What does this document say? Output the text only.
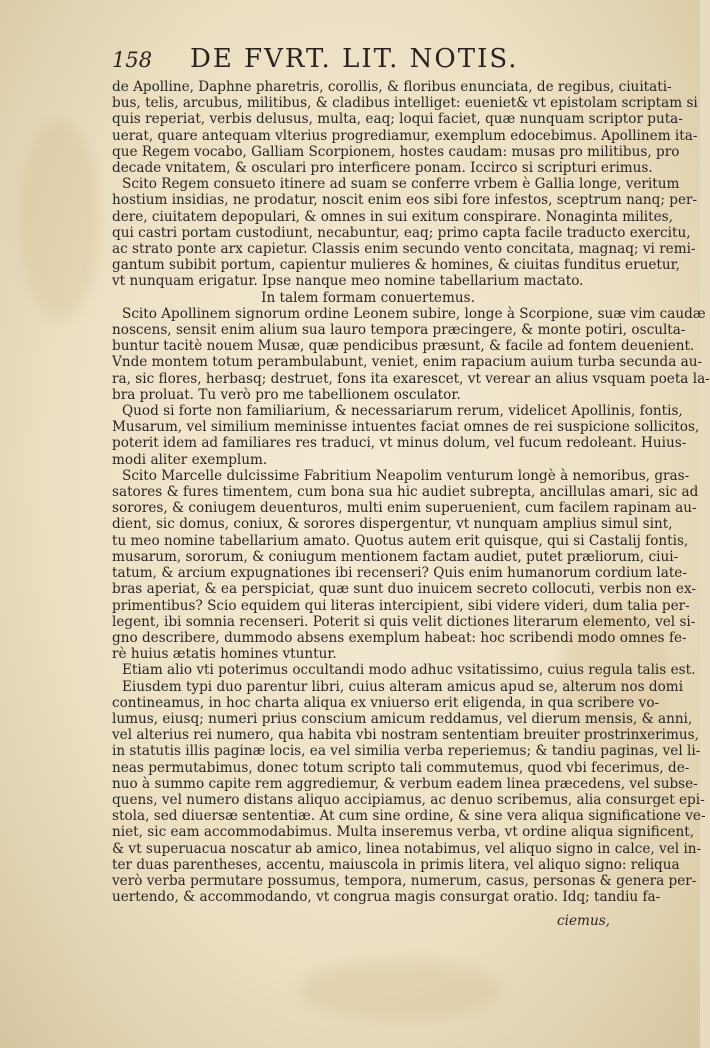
158 DE FVRT. LIT. NOTIS.
de Apolline, Daphne pharetris, corollis, & floribus enunciata, de regibus, ciuitati-
bus, telis, arcubus, militibus, & cladibus intelliget: eueniet& vt epistolam scriptam si
quis reperiat, verbis delusus, multa, eaq; loqui faciet, quæ nunquam scriptor puta-
uerat, quare antequam vlterius progrediamur, exemplum edocebimus. Apollinem ita-
que Regem vocabo, Galliam Scorpionem, hostes caudam: musas pro militibus, pro
decade vnitatem, & osculari pro interficere ponam. Iccirco si scripturi erimus.
Scito Regem consueto itinere ad suam se conferre vrbem è Gallia longe, veritum
hostium insidias, ne prodatur, noscit enim eos sibi fore infestos, sceptrum nanq; per-
dere, ciuitatem depopulari, & omnes in sui exitum conspirare. Nonaginta milites,
qui castri portam custodiunt, necabuntur, eaq; primo capta facile traducto exercitu,
ac strato ponte arx capietur. Classis enim secundo vento concitata, magnaq; vi remi-
gantum subibit portum, capientur mulieres & homines, & ciuitas funditus eruetur,
vt nunquam erigatur. Ipse nanque meo nomine tabellarium mactato.
In talem formam conuertemus.
Scito Apollinem signorum ordine Leonem subire, longe à Scorpione, suæ vim caudæ
noscens, sensit enim alium sua lauro tempora præcingere, & monte potiri, osculta-
buntur tacitè nouem Musæ, quæ pendicibus præsunt, & facile ad fontem deuenient.
Vnde montem totum perambulabunt, veniet, enim rapacium auium turba secunda au-
ra, sic flores, herbasq; destruet, fons ita exarescet, vt verear an alius vsquam poeta la-
bra proluat. Tu verò pro me tabellionem osculator.
Quod si forte non familiarium, & necessariarum rerum, videlicet Apollinis, fontis,
Musarum, vel similium meminisse intuentes faciat omnes de rei suspicione sollicitos,
poterit idem ad familiares res traduci, vt minus dolum, vel fucum redoleant. Huius-
modi aliter exemplum.
Scito Marcelle dulcissime Fabritium Neapolim venturum longè à nemoribus, gras-
satores & fures timentem, cum bona sua hic audiet subrepta, ancillulas amari, sic ad
sorores, & coniugem deuenturos, multi enim superuenient, cum facilem rapinam au-
dient, sic domus, coniux, & sorores dispergentur, vt nunquam amplius simul sint,
tu meo nomine tabellarium amato. Quotus autem erit quisque, qui si Castalij fontis,
musarum, sororum, & coniugum mentionem factam audiet, putet præliorum, ciui-
tatum, & arcium expugnationes ibi recenseri? Quis enim humanorum cordium late-
bras aperiat, & ea perspiciat, quæ sunt duo inuicem secreto collocuti, verbis non ex-
primentibus? Scio equidem qui literas intercipient, sibi videre videri, dum talia per-
legent, ibi somnia recenseri. Poterit si quis velit dictiones literarum elemento, vel si-
gno describere, dummodo absens exemplum habeat: hoc scribendi modo omnes fe-
rè huius ætatis homines vtuntur.
Etiam alio vti poterimus occultandi modo adhuc vsitatissimo, cuius regula talis est.
Eiusdem typi duo parentur libri, cuius alteram amicus apud se, alterum nos domi
contineamus, in hoc charta aliqua ex vniuerso erit eligenda, in qua scribere vo-
lumus, eiusq; numeri prius conscium amicum reddamus, vel dierum mensis, & anni,
vel alterius rei numero, qua habita vbi nostram sententiam breuiter prostrinxerimus,
in statutis illis paginæ locis, ea vel similia verba reperiemus; & tandiu paginas, vel li-
neas permutabimus, donec totum scripto tali commutemus, quod vbi fecerimus, de-
nuo à summo capite rem aggrediemur, & verbum eadem linea præcedens, vel subse-
quens, vel numero distans aliquo accipiamus, ac denuo scribemus, alia consurget epi-
stola, sed diuersæ sententiæ. At cum sine ordine, & sine vera aliqua significatione ve-
niet, sic eam accommodabimus. Multa inseremus verba, vt ordine aliqua significent,
& vt superuacua noscatur ab amico, linea notabimus, vel aliquo signo in calce, vel in-
ter duas parentheses, accentu, maiuscola in primis litera, vel aliquo signo: reliqua
verò verba permutare possumus, tempora, numerum, casus, personas & genera per-
uertendo, & accommodando, vt congrua magis consurgat oratio. Idq; tandiu fa-
ciemus,
